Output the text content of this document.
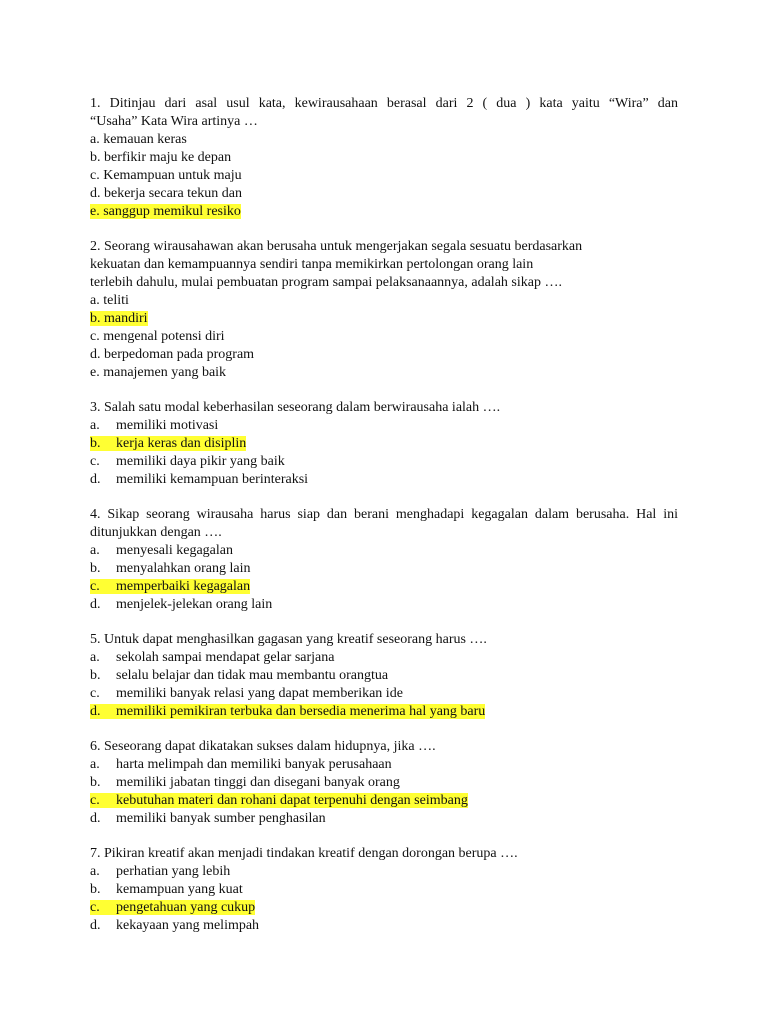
1. Ditinjau dari asal usul kata, kewirausahaan berasal dari 2 ( dua ) kata yaitu “Wira” dan
“Usaha” Kata Wira artinya …
a. kemauan keras
b. berfikir maju ke depan
c. Kemampuan untuk maju
d. bekerja secara tekun dan
e. sanggup memikul resiko
2. Seorang wirausahawan akan berusaha untuk mengerjakan segala sesuatu berdasarkan
kekuatan dan kemampuannya sendiri tanpa memikirkan pertolongan orang lain
terlebih dahulu, mulai pembuatan program sampai pelaksanaannya, adalah sikap ….
a. teliti
b. mandiri
c. mengenal potensi diri
d. berpedoman pada program
e. manajemen yang baik
3. Salah satu modal keberhasilan seseorang dalam berwirausaha ialah ….
a. memiliki motivasi
b. kerja keras dan disiplin
c. memiliki daya pikir yang baik
d. memiliki kemampuan berinteraksi
4. Sikap seorang wirausaha harus siap dan berani menghadapi kegagalan dalam berusaha. Hal ini
ditunjukkan dengan ….
a. menyesali kegagalan
b. menyalahkan orang lain
c. memperbaiki kegagalan
d. menjelek-jelekan orang lain
5. Untuk dapat menghasilkan gagasan yang kreatif seseorang harus ….
a. sekolah sampai mendapat gelar sarjana
b. selalu belajar dan tidak mau membantu orangtua
c. memiliki banyak relasi yang dapat memberikan ide
d. memiliki pemikiran terbuka dan bersedia menerima hal yang baru
6. Seseorang dapat dikatakan sukses dalam hidupnya, jika ….
a. harta melimpah dan memiliki banyak perusahaan
b. memiliki jabatan tinggi dan disegani banyak orang
c. kebutuhan materi dan rohani dapat terpenuhi dengan seimbang
d. memiliki banyak sumber penghasilan
7. Pikiran kreatif akan menjadi tindakan kreatif dengan dorongan berupa ….
a. perhatian yang lebih
b. kemampuan yang kuat
c. pengetahuan yang cukup
d. kekayaan yang melimpah
